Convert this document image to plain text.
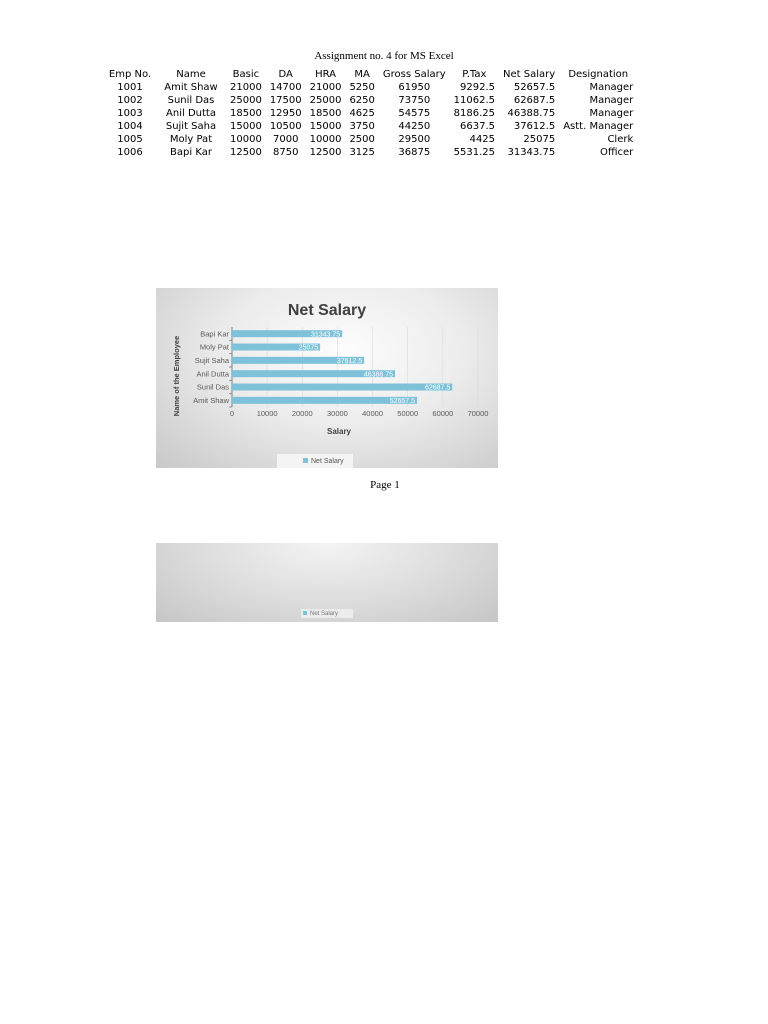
Assignment no. 4 for MS Excel
Emp No.	Name	Basic	DA	HRA	MA	Gross Salary	P.Tax	Net Salary	Designation
1001	Amit Shaw	21000	14700	21000	5250	61950	9292.5	52657.5	Manager
1002	Sunil Das	25000	17500	25000	6250	73750	11062.5	62687.5	Manager
1003	Anil Dutta	18500	12950	18500	4625	54575	8186.25	46388.75	Manager
1004	Sujit Saha	15000	10500	15000	3750	44250	6637.5	37612.5	Astt. Manager
1005	Moly Pat	10000	7000	10000	2500	29500	4425	25075	Clerk
1006	Bapi Kar	12500	8750	12500	3125	36875	5531.25	31343.75	Officer
Net Salary
Salary
Name of the Employee	52657.5
62687.5
46388.75
37612.5
25075
31343.75
Amit Shaw
Sunil Das
Anil Dutta
Sujit Saha
Moly Pat
Bapi Kar
0	10000 20000 30000 40000 50000 60000 70000
Net Salary
Page 1
Net Salary
